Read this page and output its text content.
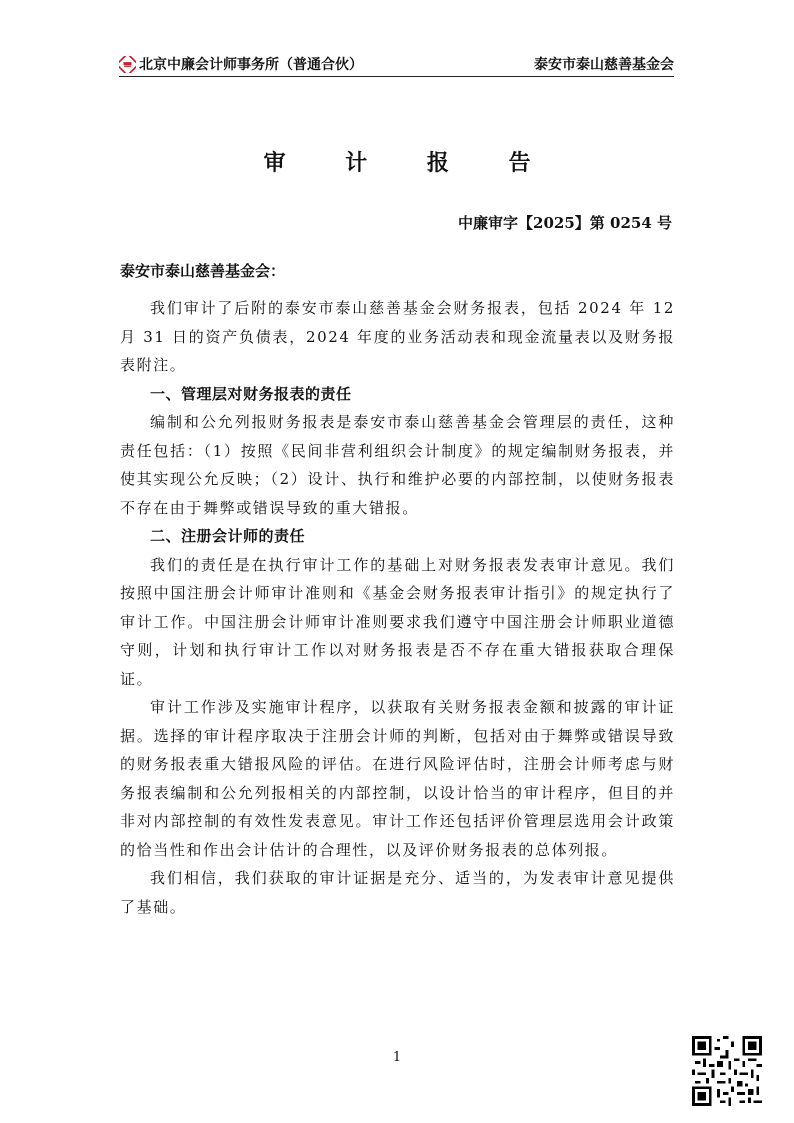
北京中廉会计师事务所（普通合伙）	泰安市泰山慈善基金会
审 计 报 告
中廉审字【2025】第 0254 号
泰安市泰山慈善基金会：

我们审计了后附的泰安市泰山慈善基金会财务报表，包括 2024 年 12 月 31 日的资产负债表，2024 年度的业务活动表和现金流量表以及财务报表附注。

一、管理层对财务报表的责任

编制和公允列报财务报表是泰安市泰山慈善基金会管理层的责任，这种责任包括：（1）按照《民间非营利组织会计制度》的规定编制财务报表，并使其实现公允反映；（2）设计、执行和维护必要的内部控制，以使财务报表不存在由于舞弊或错误导致的重大错报。

二、注册会计师的责任

我们的责任是在执行审计工作的基础上对财务报表发表审计意见。我们按照中国注册会计师审计准则和《基金会财务报表审计指引》的规定执行了审计工作。中国注册会计师审计准则要求我们遵守中国注册会计师职业道德守则，计划和执行审计工作以对财务报表是否不存在重大错报获取合理保证。

审计工作涉及实施审计程序，以获取有关财务报表金额和披露的审计证据。选择的审计程序取决于注册会计师的判断，包括对由于舞弊或错误导致的财务报表重大错报风险的评估。在进行风险评估时，注册会计师考虑与财务报表编制和公允列报相关的内部控制，以设计恰当的审计程序，但目的并非对内部控制的有效性发表意见。审计工作还包括评价管理层选用会计政策的恰当性和作出会计估计的合理性，以及评价财务报表的总体列报。

我们相信，我们获取的审计证据是充分、适当的，为发表审计意见提供了基础。

1
